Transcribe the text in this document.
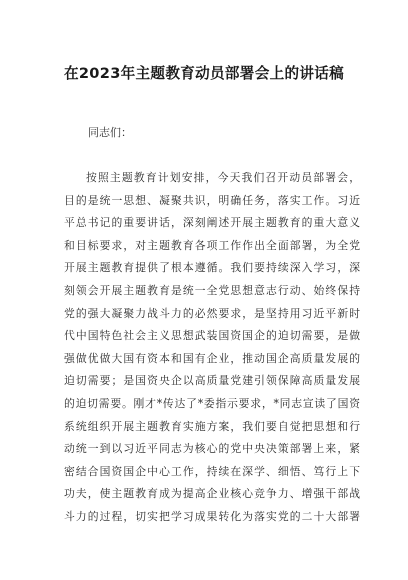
在2023年主题教育动员部署会上的讲话稿
同志们：
按照主题教育计划安排，今天我们召开动员部署会，
目的是统一思想、凝聚共识，明确任务，落实工作。习近
平总书记的重要讲话，深刻阐述开展主题教育的重大意义
和目标要求，对主题教育各项工作作出全面部署，为全党
开展主题教育提供了根本遵循。我们要持续深入学习，深
刻领会开展主题教育是统一全党思想意志行动、始终保持
党的强大凝聚力战斗力的必然要求，是坚持用习近平新时
代中国特色社会主义思想武装国资国企的迫切需要，是做
强做优做大国有资本和国有企业，推动国企高质量发展的
迫切需要；是国资央企以高质量党建引领保障高质量发展
的迫切需要。刚才*传达了*委指示要求，*同志宣读了国资
系统组织开展主题教育实施方案，我们要自觉把思想和行
动统一到以习近平同志为核心的党中央决策部署上来，紧
密结合国资国企中心工作，持续在深学、细悟、笃行上下
功夫，使主题教育成为提高企业核心竞争力、增强干部战
斗力的过程，切实把学习成果转化为落实党的二十大部署
